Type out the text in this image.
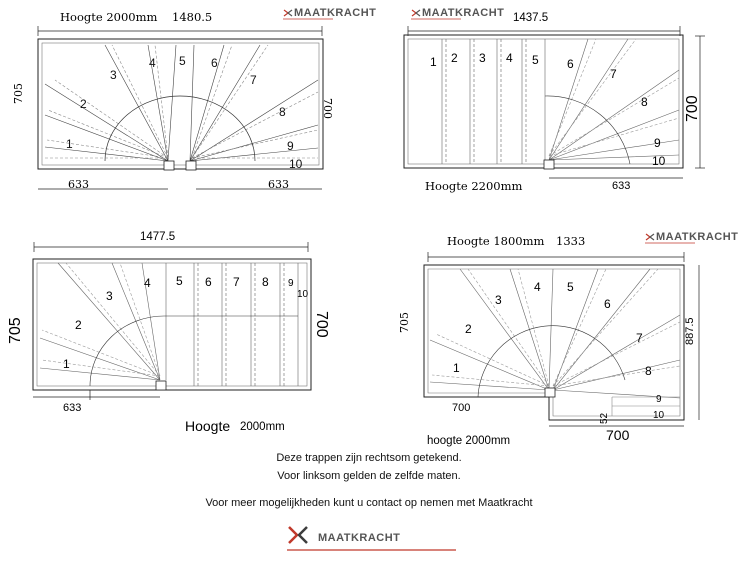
Hoogte 2000mm 1480.5	MAATKRACHT
1
2
3
4 5 6
7
8
9
10
705
700
633	633
MAATKRACHT 1437.5
1 2 3 4 5 6
7
8
9
10
700
633
Hoogte 2200mm
1477.5
1
2
3
4 5 6 7 8 9
10
705	700
633
Hoogte 2000mm
Hoogte 1800mm 1333	MAATKRACHT
1
2
3
4 5
6
7
8
9
10
705	887.5
700
52
700
hoogte 2000mm
MAATKRACHT
Deze trappen zijn rechtsom getekend.
Voor linksom gelden de zelfde maten.
Voor meer mogelijkheden kunt u contact op nemen met Maatkracht
